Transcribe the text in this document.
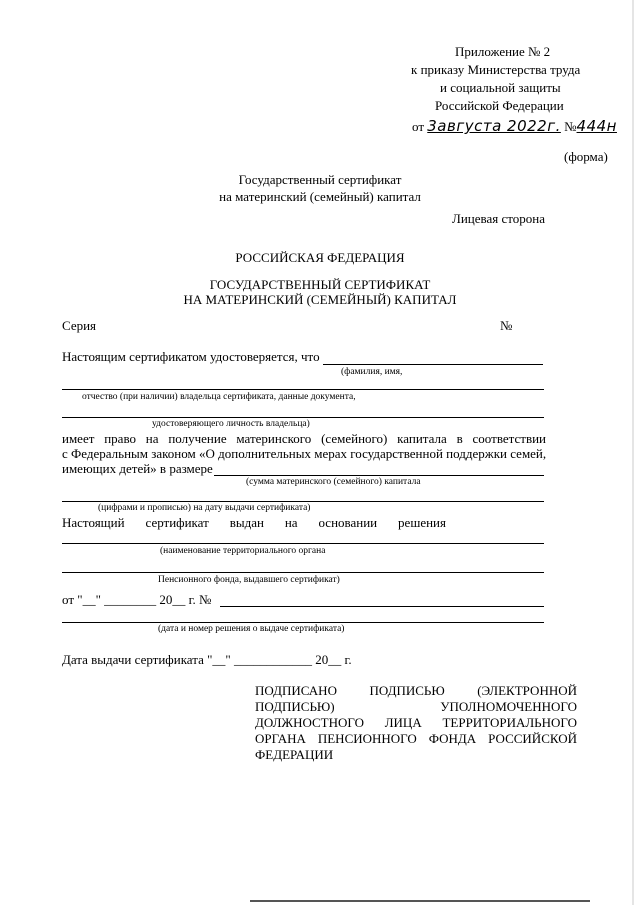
Приложение № 2
к приказу Министерства труда
и социальной защиты
Российской Федерации
от 3августа 2022г. №444н
(форма)
Государственный сертификат
на материнский (семейный) капитал
Лицевая сторона
РОССИЙСКАЯ ФЕДЕРАЦИЯ
ГОСУДАРСТВЕННЫЙ СЕРТИФИКАТ
НА МАТЕРИНСКИЙ (СЕМЕЙНЫЙ) КАПИТАЛ
Серия	№
Настоящим сертификатом удостоверяется, что
(фамилия, имя,
отчество (при наличии) владельца сертификата, данные документа,
удостоверяющего личность владельца)
имеет право на получение материнского (семейного) капитала в соответствии
с Федеральным законом «О дополнительных мерах государственной поддержки семей,
имеющих детей» в размере
(сумма материнского (семейного) капитала
(цифрами и прописью) на дату выдачи сертификата)
Настоящий сертификат выдан на основании решения
(наименование территориального органа
Пенсионного фонда, выдавшего сертификат)
от "__" ________ 20__ г. №
(дата и номер решения о выдаче сертификата)
Дата выдачи сертификата "__" ____________ 20__ г.
ПОДПИСАНО ПОДПИСЬЮ (ЭЛЕКТРОННОЙ ПОДПИСЬЮ) УПОЛНОМОЧЕННОГО ДОЛЖНОСТНОГО ЛИЦА ТЕРРИТОРИАЛЬНОГО ОРГАНА ПЕНСИОННОГО ФОНДА РОССИЙСКОЙ ФЕДЕРАЦИИ
